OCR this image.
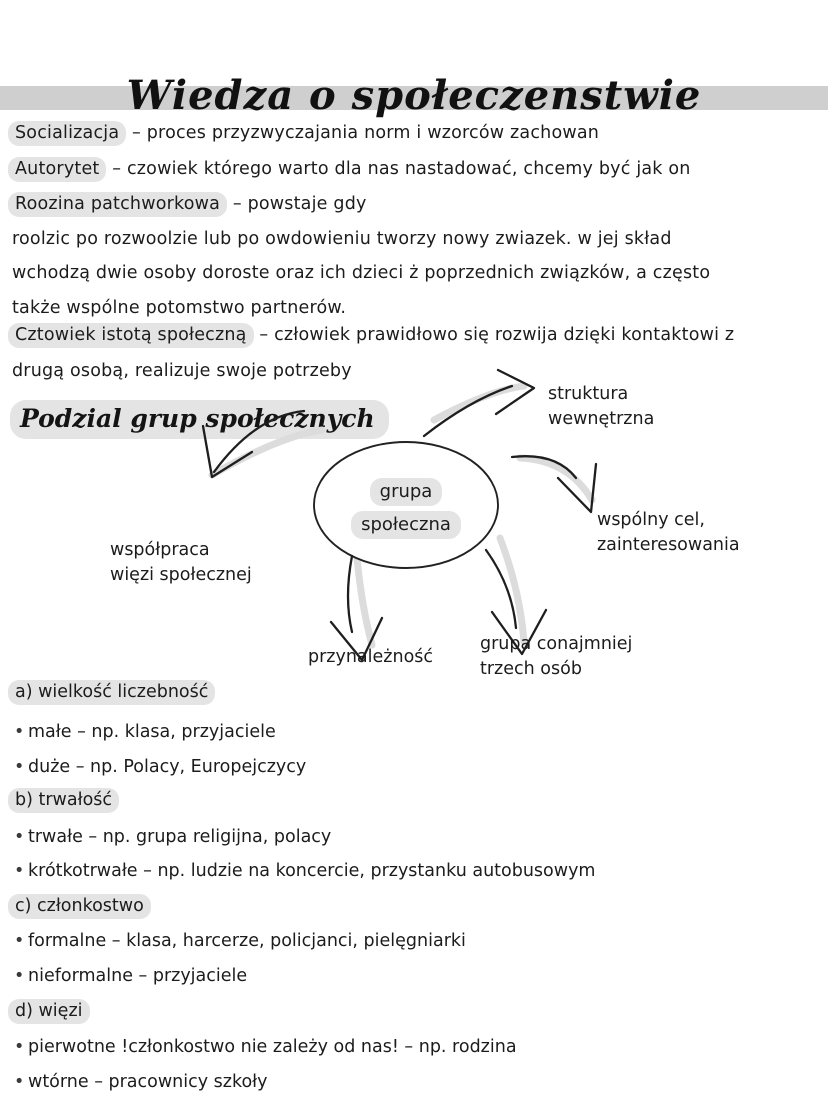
Wiedza o społeczenstwie
Socializacja – proces przyzwyczajania norm i wzorców zachowan
Autorytet – czowiek którego warto dla nas nastadować, chcemy być jak on
Roozina patchworkowa – powstaje gdy
roolzic po rozwoolzie lub po owdowieniu tworzy nowy zwiazek. w jej skład
wchodzą dwie osoby doroste oraz ich dzieci ż poprzednich związków, a często
także wspólne potomstwo partnerów.
Cztowiek istotą społeczną – człowiek prawidłowo się rozwija dzięki kontaktowi z
drugą osobą, realizuje swoje potrzeby
Podzial grup społecznych
grupa
społeczna
struktura
wewnętrzna
wspólny cel,
zainteresowania
współpraca
więzi społecznej
przynależność
grupa conajmniej
trzech osób
a) wielkość liczebność
• małe – np. klasa, przyjaciele
• duże – np. Polacy, Europejczycy
b) trwałość
• trwałe – np. grupa religijna, polacy
• krótkotrwałe – np. ludzie na koncercie, przystanku autobusowym
c) członkostwo
• formalne – klasa, harcerze, policjanci, pielęgniarki
• nieformalne – przyjaciele
d) więzi
• pierwotne !członkostwo nie zależy od nas! – np. rodzina
• wtórne – pracownicy szkoły
